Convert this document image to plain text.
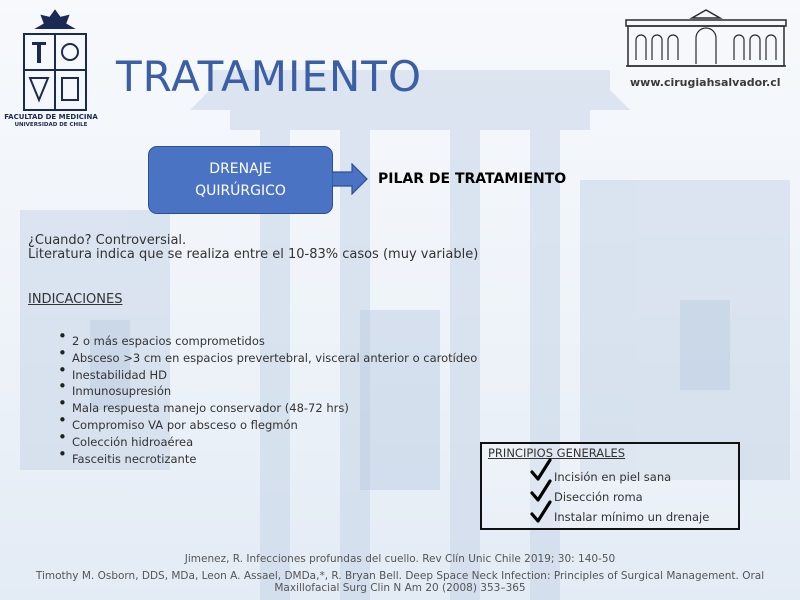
FACULTAD DE MEDICINA
UNIVERSIDAD DE CHILE
TRATAMIENTO	www.cirugiahsalvador.cl
DRENAJE
QUIRÚRGICO
PILAR DE TRATAMIENTO
¿Cuando? Controversial.
Literatura indica que se realiza entre el 10-83% casos (muy variable)
INDICACIONES
• 2 o más espacios comprometidos
• Absceso >3 cm en espacios prevertebral, visceral anterior o carotídeo
• Inestabilidad HD
• Inmunosupresión
• Mala respuesta manejo conservador (48-72 hrs)
• Compromiso VA por absceso o flegmón
• Colección hidroaérea
• Fasceitis necrotizante	PRINCIPIOS GENERALES
Incisión en piel sana
Disección roma
Instalar mínimo un drenaje
Jimenez, R. Infecciones profundas del cuello. Rev Clín Unic Chile 2019; 30: 140-50
Timothy M. Osborn, DDS, MDa, Leon A. Assael, DMDa,*, R. Bryan Bell. Deep Space Neck Infection: Principles of Surgical Management. Oral
Maxillofacial Surg Clin N Am 20 (2008) 353–365
